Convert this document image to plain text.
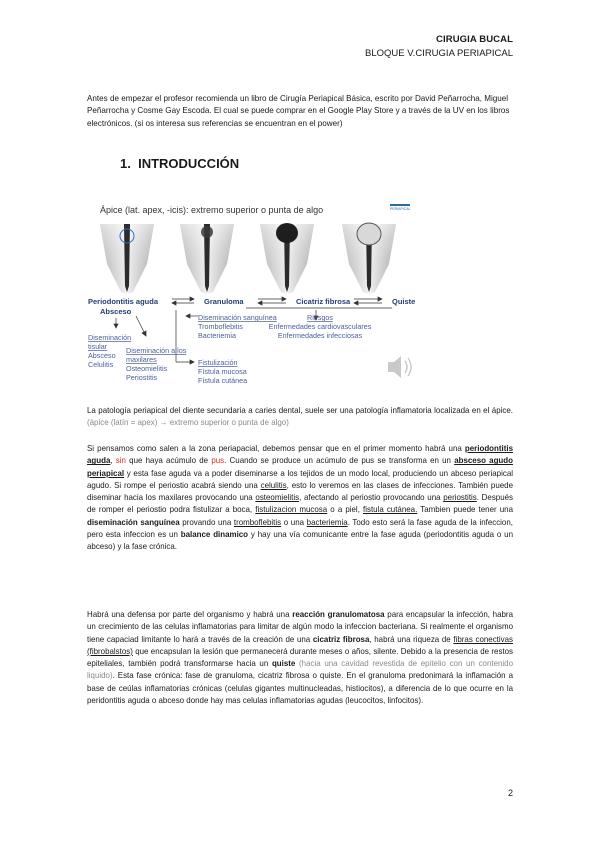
CIRUGIA BUCAL
BLOQUE V.CIRUGIA PERIAPICAL
Antes de empezar el profesor recomienda un libro de Cirugía Periapical Básica, escrito por David Peñarrocha, Miguel Peñarrocha y Cosme Gay Escoda. El cual se puede comprar en el Google Play Store y a través de la UV en los libros electrónicos. (si os interesa sus referencias se encuentran en el power)
1. INTRODUCCIÓN
Ápice (lat. apex, -icis): extremo superior o punta de algo	PERIAPICAL
Periodontitis aguda
Absceso
Granuloma	Cicatriz fibrosa	Quiste
Diseminación
tisular
Absceso
Celulitis
Diseminación a los
maxilares
Osteomielitis
Periostitis
Diseminación sanguínea
Tromboflebitis
Bacteriemia
Fistulización
Fístula mucosa
Fístula cutánea
Riesgos
Enfermedades cardiovasculares
Enfermedades infecciosas
La patología periapical del diente secundaria a caries dental, suele ser una patología inflamatoria localizada en el ápice. (ápice (latín = apex) → extremo superior o punta de algo)
Si pensamos como salen a la zona periapacial, debemos pensar que en el primer momento habrá una periodontitis aguda, sin que haya acúmulo de pus. Cuando se produce un acúmulo de pus se transforma en un absceso agudo periapical y esta fase aguda va a poder diseminarse a los tejidos de un modo local, produciendo un abceso periapical agudo. Si rompe el periostio acabrá siendo una celulitis, esto lo veremos en las clases de infecciones. También puede diseminar hacia los maxilares provocando una osteomielitis, afectando al periostio provocando una periostitis. Después de romper el periostio podra fistulizar a boca, fistulizacion mucosa o a piel, fistula cutánea. Tambien puede tener una diseminación sanguínea provando una tromboflebitis o una bacteriemia. Todo esto será la fase aguda de la infeccion, pero esta infeccion es un balance dinamico y hay una vía comunicante entre la fase aguda (periodontitis aguda o un abceso) y la fase crónica.
Habrá una defensa por parte del organismo y habrá una reacción granulomatosa para encapsular la infección, habra un crecimiento de las celulas inflamatorias para limitar de algún modo la infeccion bacteriana. Si realmente el organismo tiene capaciad limitante lo hará a través de la creación de una cicatriz fibrosa, habrá una riqueza de fibras conectivas (fibrobalstos) que encapsulan la lesión que permanecerá durante meses o años, silente. Debido a la presencia de restos epiteliales, también podrá transformarse hacia un quiste (hacia una cavidad revestida de epitelio con un contenido liquido). Esta fase crónica: fase de granuloma, cicatriz fibrosa o quiste. En el granuloma predonimará la inflamación a base de ceúlas inflamatorias crónicas (celulas gigantes multinucleadas, histiocitos), a diferencia de lo que ocurre en la peridontitis aguda o abceso donde hay mas celulas inflamatorias agudas (leucocitos, linfocitos).
2
